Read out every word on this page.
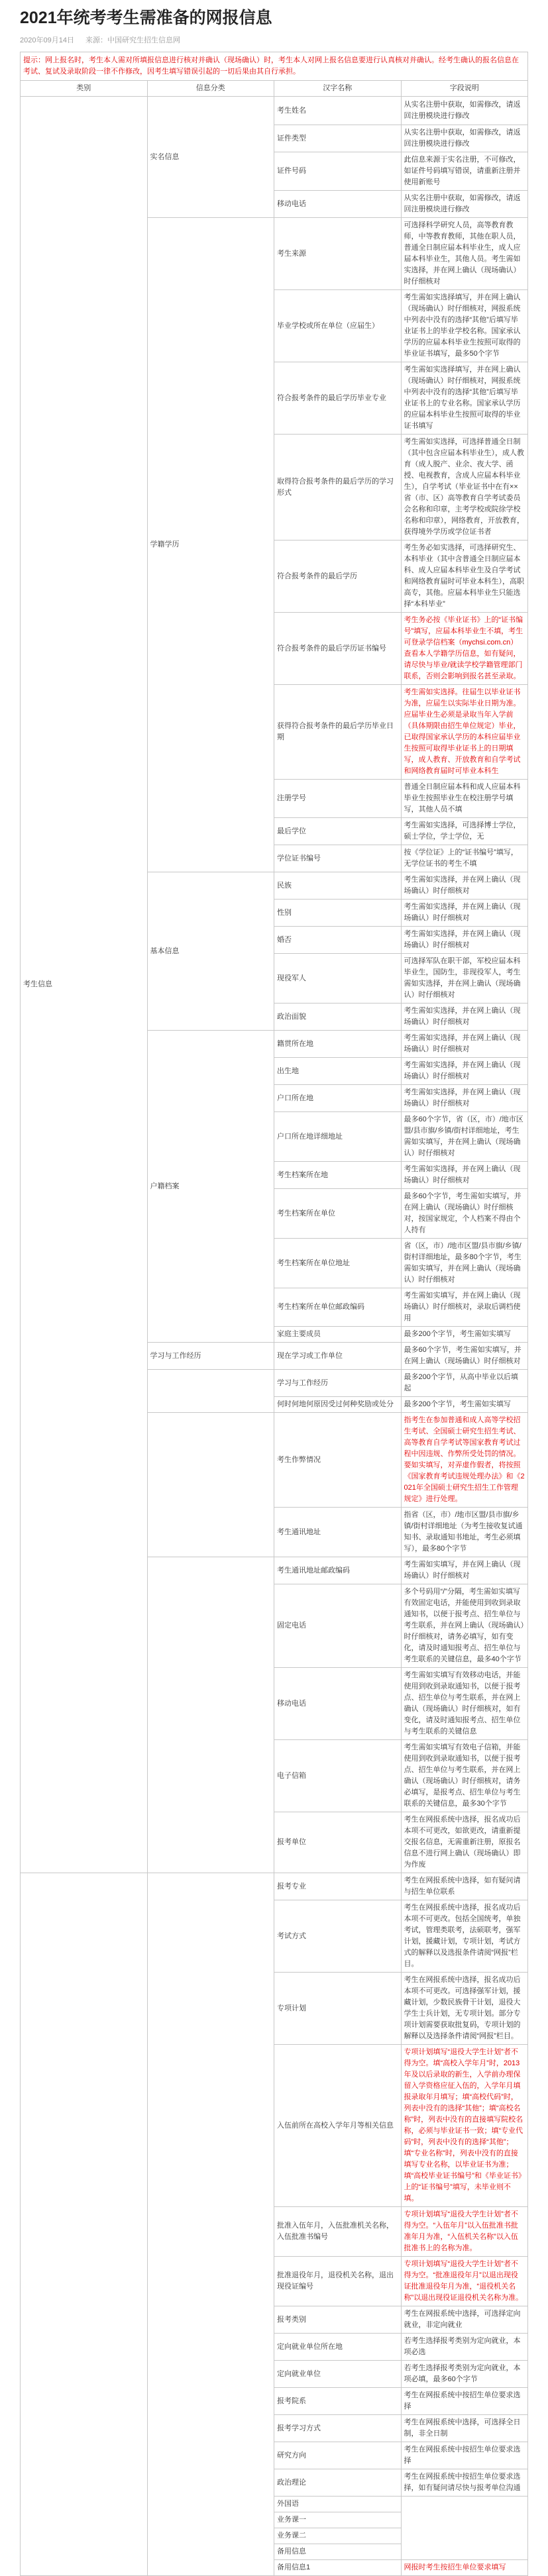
2021年统考考生需准备的网报信息
2020年09月14日 来源：中国研究生招生信息网
提示：网上报名时，考生本人需对所填报信息进行核对并确认（现场确认）时，考生本人对网上报名信息要进行认真核对并确认。经考生确认的报名信息在考试、复试及录取阶段一律不作修改，因考生填写错误引起的一切后果由其自行承担。			
类别	信息分类	汉字名称	字段说明
考生信息	实名信息	考生姓名	从实名注册中获取，如需修改，请返回注册模块进行修改
		证件类型	从实名注册中获取，如需修改，请返回注册模块进行修改
		证件号码	此信息来源于实名注册，不可修改，如证件号码填写错误，请重新注册并使用新账号
		移动电话	从实名注册中获取，如需修改，请返回注册模块进行修改
	学籍学历	考生来源	可选择科学研究人员，高等教育教师，中等教育教师，其他在职人员，普通全日制应届本科毕业生，成人应届本科毕业生，其他人员。考生需如实选择，并在网上确认（现场确认）时仔细核对
		毕业学校或所在单位（应届生）	考生需如实选择填写，并在网上确认（现场确认）时仔细核对，网报系统中列表中没有的选择“其他”后填写毕业证书上的毕业学校名称。国家承认学历的应届本科毕业生按照可取得的毕业证书填写，最多50个字节
		符合报考条件的最后学历毕业专业	考生需如实选择填写，并在网上确认（现场确认）时仔细核对，网报系统中列表中没有的选择“其他”后填写毕业证书上的专业名称。国家承认学历的应届本科毕业生按照可取得的毕业证书填写
		取得符合报考条件的最后学历的学习形式	考生需如实选择，可选择普通全日制（其中包含应届本科毕业生），成人教育（成人脱产、业余、夜大学、函授、电视教育，含成人应届本科毕业生），自学考试（毕业证书中在有××省（市、区）高等教育自学考试委员会名称和印章，主考学校或院徐学校名称和印章），网络教育，开放教育，获得境外学历或学位证书者
		符合报考条件的最后学历	考生务必如实选择，可选择研究生、本科毕业（其中含普通全日制应届本科、成人应届本科毕业生及自学考试和网络教育届时可毕业本科生），高职高专，其他。应届本科毕业生只能选择“本科毕业”
		符合报考条件的最后学历证书编号	考生务必按《毕业证书》上的“证书编号”填写，应届本科毕业生不填，考生可登录学信档案（mychsi.com.cn）查看本人学籍学历信息，如有疑问，请尽快与毕业/就读学校学籍管理部门联系，否则会影响到报名甚至录取。
		获得符合报考条件的最后学历毕业日期	考生需如实选择。往届生以毕业证书为准，应届生以实际毕业日期为准。应届毕业生必须是录取当年入学前（具体期限由招生单位规定）毕业，已取得国家承认学历的本科应届毕业生按照可取得毕业证书上的日期填写，成人教育、开放教育和自学考试和网络教育届时可毕业本科生
		注册学号	普通全日制应届本科和成人应届本科毕业生按照毕业生在校注册学号填写，其他人员不填
		最后学位	考生需如实选择，可选择博士学位，硕士学位，学士学位，无
		学位证书编号	按《学位证》上的“证书编号”填写，无学位证书的考生不填
	基本信息	民族	考生需如实选择，并在网上确认（现场确认）时仔细核对
		性别	考生需如实选择，并在网上确认（现场确认）时仔细核对
		婚否	考生需如实选择，并在网上确认（现场确认）时仔细核对
		现役军人	可选择军队在职干部，军校应届本科毕业生，国防生，非现役军人，考生需如实选择，并在网上确认（现场确认）时仔细核对
		政治面貌	考生需如实选择，并在网上确认（现场确认）时仔细核对
	户籍档案	籍贯所在地	考生需如实选择，并在网上确认（现场确认）时仔细核对
		出生地	考生需如实选择，并在网上确认（现场确认）时仔细核对
		户口所在地	考生需如实选择，并在网上确认（现场确认）时仔细核对
		户口所在地详细地址	最多60个字节，省（区，市）/地市区盟/县市旗/乡镇/街村详细地址，考生需如实填写，并在网上确认（现场确认）时仔细核对
		考生档案所在地	考生需如实选择，并在网上确认（现场确认）时仔细核对
		考生档案所在单位	最多60个字节，考生需如实填写，并在网上确认（现场确认）时仔细核对，按国家规定，个人档案不得由个人持有
		考生档案所在单位地址	省（区，市）/地市区盟/县市旗/乡镇/街村详细地址，最多80个字节，考生需如实填写，并在网上确认（现场确认）时仔细核对
		考生档案所在单位邮政编码	考生需如实填写，并在网上确认（现场确认）时仔细核对，录取后调档使用
		家庭主要成员	最多200个字节，考生需如实填写
	学习与工作经历	现在学习或工作单位	最多60个字节，考生需如实填写，并在网上确认（现场确认）时仔细核对
		学习与工作经历	最多200个字节，从高中毕业以后填起
		何时何地何原因受过何种奖励或处分	最多200个字节，考生需如实填写
		考生作弊情况	指考生在参加普通和成人高等学校招生考试、全国硕士研究生招生考试、高等教育自学考试等国家教育考试过程中因违规、作弊所受处罚的情况。要如实填写，对弄虚作假者，将按照《国家教育考试违规处理办法》和《2021年全国硕士研究生招生工作管理规定》进行处理。
		考生通讯地址	指省（区，市）/地市区盟/县市旗/乡镇/街村详细地址（为考生接收复试通知书、录取通知书地址，考生必须填写），最多80个字节
		考生通讯地址邮政编码	考生需如实填写，并在网上确认（现场确认）时仔细核对
		固定电话	多个号码用“/”分隔，考生需如实填写有效固定电话，并能使用到收到录取通知书，以便于报考点、招生单位与考生联系，并在网上确认（现场确认）时仔细核对，请务必填写，如有变化，请及时通知报考点、招生单位与考生联系的关键信息，最多40个字节
		移动电话	考生需如实填写有效移动电话，并能使用到收到录取通知书，以便于报考点、招生单位与考生联系，并在网上确认（现场确认）时仔细核对，如有变化，请及时通知报考点、招生单位与考生联系的关键信息
		电子信箱	考生需如实填写有效电子信箱，并能使用到收到录取通知书，以便于报考点、招生单位与考生联系，并在网上确认（现场确认）时仔细核对，请务必填写，是报考点、招生单位与考生联系的关键信息，最多30个字节
		报考单位	考生在网报系统中选择，报名成功后本项不可更改，如欲更改，请重新提交报名信息，无需重新注册，原报名信息不进行网上确认（现场确认）即为作废
		报考专业	考生在网报系统中选择，如有疑问请与招生单位联系
		考试方式	考生在网报系统中选择，报名成功后本项不可更改。包括全国统考，单独考试，管理类联考，法硕联考，强军计划，援藏计划，专项计划，考试方式的解释以及选报条件请阅“网报”栏目。
		专项计划	考生在网报系统中选择，报名成功后本项不可更改。可选择强军计划，援藏计划，少数民族骨干计划，退役大学生士兵计划，无专项计划。部分专项计划需要获取批复码，专项计划的解释以及选择条件请阅“网报”栏目。
		入伍前所在高校入学年月等相关信息	专项计划填写“退役大学生计划”者不得为空。填“高校入学年月”时，2013年及以后录取的新生，入学前办理保留入学资格应征入伍的，入学年月填报录取年月填写；填“高校代码”时，列表中没有的选择“其他”；填“高校名称”时，列表中没有的直接填写院校名称，必须与毕业证书一致；填“专业代码”时，列表中没有的选择“其他”；填“专业名称”时，列表中没有的直接填写专业名称，以毕业证书为准；填“高校毕业证书编号”和《毕业证书》上的“证书编号”填写，未毕业则不填。
		批准入伍年月，入伍批准机关名称，入伍批准书编号	专项计划填写“退役大学生计划”者不得为空。“入伍年月”以入伍批准书批准年月为准，“入伍机关名称”以入伍批准书上的名称为准。
		批准退役年月，退役机关名称，退出现役证编号	专项计划填写“退役大学生计划”者不得为空。“批准退役年月”以退出现役证批准退役年月为准，“退役机关名称”以退出现役证退役机关名称为准。
		报考类别	考生在网报系统中选择，可选择定向就业，非定向就业
		定向就业单位所在地	若考生选择报考类别为定向就业，本项必选
		定向就业单位	若考生选择报考类别为定向就业，本项必填，最多60个字节
		报考院系	考生在网报系统中按招生单位要求选择
		报考学习方式	考生在网报系统中选择，可选择全日制，非全日制
		研究方向	考生在网报系统中按招生单位要求选择
		政治理论	考生在网报系统中按招生单位要求选择，如有疑问请尽快与报考单位沟通
		外国语	
		业务课一	
		业务课二	
		备用信息	
		备用信息1	网报时考生按招生单位要求填写
